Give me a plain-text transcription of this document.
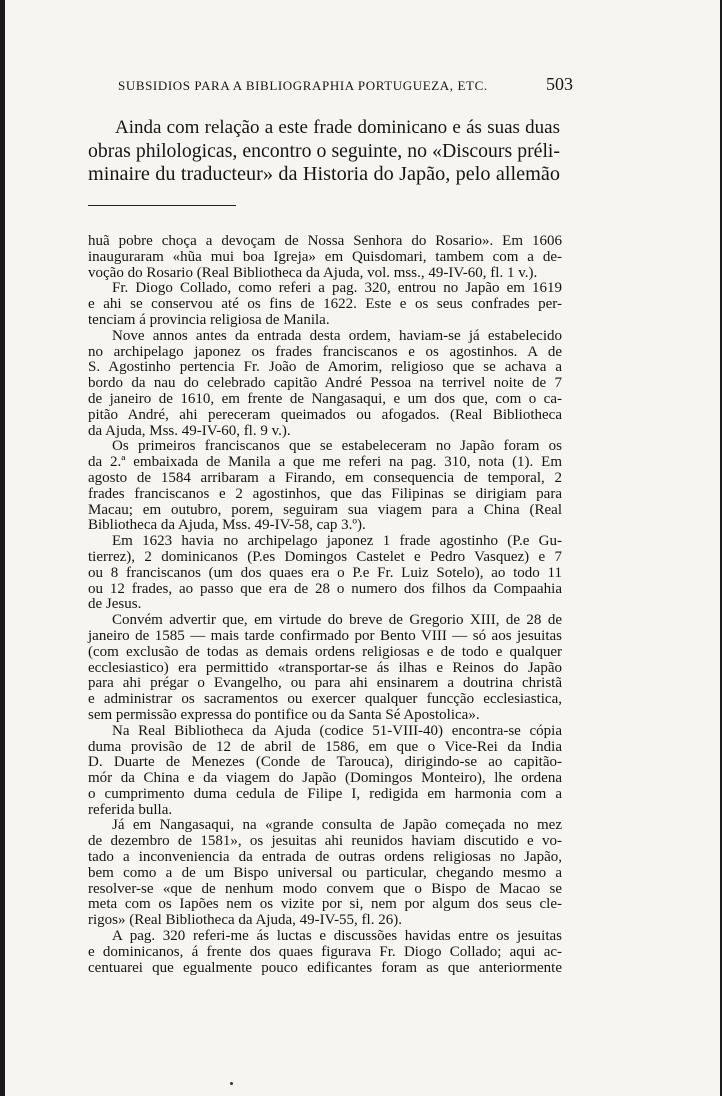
SUBSIDIOS PARA A BIBLIOGRAPHIA PORTUGUEZA, ETC.	503
Ainda com relação a este frade dominicano e ás suas duas
obras philologicas, encontro o seguinte, no «Discours préli-
minaire du traducteur» da Historia do Japão, pelo allemão
huã pobre choça a devoçam de Nossa Senhora do Rosario». Em 1606
inauguraram «hũa mui boa Igreja» em Quisdomari, tambem com a de-
voção do Rosario (Real Bibliotheca da Ajuda, vol. mss., 49-IV-60, fl. 1 v.).
Fr. Diogo Collado, como referi a pag. 320, entrou no Japão em 1619
e ahi se conservou até os fins de 1622. Este e os seus confrades per-
tenciam á provincia religiosa de Manila.
Nove annos antes da entrada desta ordem, haviam-se já estabelecido
no archipelago japonez os frades franciscanos e os agostinhos. A de
S. Agostinho pertencia Fr. João de Amorim, religioso que se achava a
bordo da nau do celebrado capitão André Pessoa na terrivel noite de 7
de janeiro de 1610, em frente de Nangasaqui, e um dos que, com o ca-
pitão André, ahi pereceram queimados ou afogados. (Real Bibliotheca
da Ajuda, Mss. 49-IV-60, fl. 9 v.).
Os primeiros franciscanos que se estabeleceram no Japão foram os
da 2.ª embaixada de Manila a que me referi na pag. 310, nota (1). Em
agosto de 1584 arribaram a Firando, em consequencia de temporal, 2
frades franciscanos e 2 agostinhos, que das Filipinas se dirigiam para
Macau; em outubro, porem, seguiram sua viagem para a China (Real
Bibliotheca da Ajuda, Mss. 49-IV-58, cap 3.º).
Em 1623 havia no archipelago japonez 1 frade agostinho (P.e Gu-
tierrez), 2 dominicanos (P.es Domingos Castelet e Pedro Vasquez) e 7
ou 8 franciscanos (um dos quaes era o P.e Fr. Luiz Sotelo), ao todo 11
ou 12 frades, ao passo que era de 28 o numero dos filhos da Compaahia
de Jesus.
Convém advertir que, em virtude do breve de Gregorio XIII, de 28 de
janeiro de 1585 — mais tarde confirmado por Bento VIII — só aos jesuitas
(com exclusão de todas as demais ordens religiosas e de todo e qualquer
ecclesiastico) era permittido «transportar-se ás ilhas e Reinos do Japão
para ahi prégar o Evangelho, ou para ahi ensinarem a doutrina christã
e administrar os sacramentos ou exercer qualquer funcção ecclesiastica,
sem permissão expressa do pontifice ou da Santa Sé Apostolica».
Na Real Bibliotheca da Ajuda (codice 51-VIII-40) encontra-se cópia
duma provisão de 12 de abril de 1586, em que o Vice-Rei da India
D. Duarte de Menezes (Conde de Tarouca), dirigindo-se ao capitão-
mór da China e da viagem do Japão (Domingos Monteiro), lhe ordena
o cumprimento duma cedula de Filipe I, redigida em harmonia com a
referida bulla.
Já em Nangasaqui, na «grande consulta de Japão começada no mez
de dezembro de 1581», os jesuitas ahi reunidos haviam discutido e vo-
tado a inconveniencia da entrada de outras ordens religiosas no Japão,
bem como a de um Bispo universal ou particular, chegando mesmo a
resolver-se «que de nenhum modo convem que o Bispo de Macao se
meta com os Iapões nem os vizite por si, nem por algum dos seus cle-
rigos» (Real Bibliotheca da Ajuda, 49-IV-55, fl. 26).
A pag. 320 referi-me ás luctas e discussões havidas entre os jesuitas
e dominicanos, á frente dos quaes figurava Fr. Diogo Collado; aqui ac-
centuarei que egualmente pouco edificantes foram as que anteriormente
